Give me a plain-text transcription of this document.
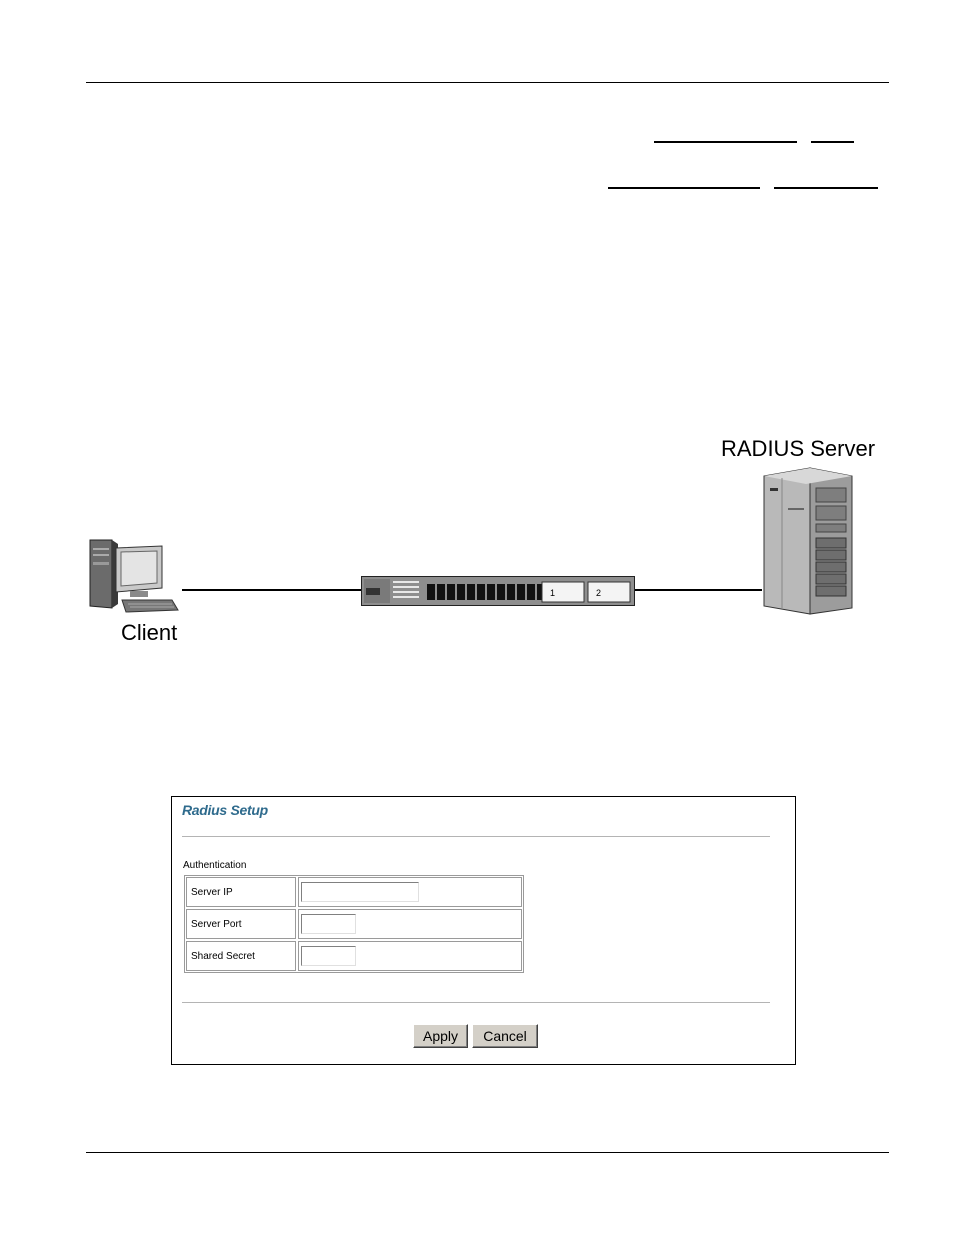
RADIUS Server
Client
1	2
Radius Setup
Authentication
Server IP
Server Port
Shared Secret
Apply	Cancel
